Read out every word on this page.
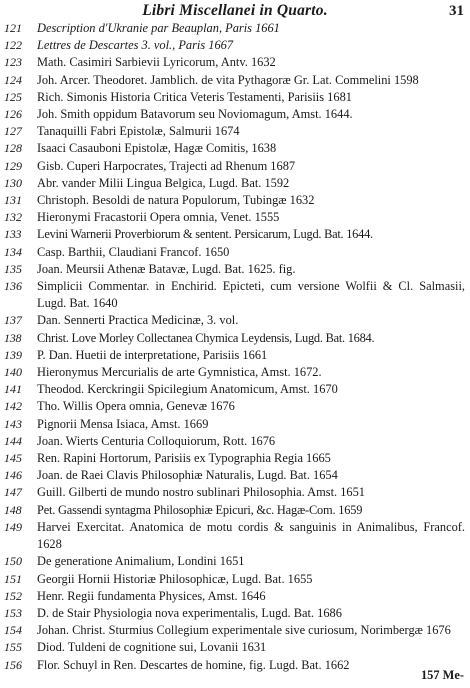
Libri Miscellanei in Quarto.	31
121	Description d'Ukranie par Beauplan, Paris 1661
122	Lettres de Descartes 3. vol., Paris 1667
123	Math. Casimiri Sarbievii Lyricorum, Antv. 1632
124	Joh. Arcer. Theodoret. Jamblich. de vita Pythagoræ Gr. Lat. Commelini 1598
125	Rich. Simonis Historia Critica Veteris Testamenti, Parisiis 1681
126	Joh. Smith oppidum Batavorum seu Noviomagum, Amst. 1644.
127	Tanaquilli Fabri Epistolæ, Salmurii 1674
128	Isaaci Casauboni Epistolæ, Hagæ Comitis, 1638
129	Gisb. Cuperi Harpocrates, Trajecti ad Rhenum 1687
130	Abr. vander Milii Lingua Belgica, Lugd. Bat. 1592
131	Christoph. Besoldi de natura Populorum, Tubingæ 1632
132	Hieronymi Fracastorii Opera omnia, Venet. 1555
133	Levini Warnerii Proverbiorum & sentent. Persicarum, Lugd. Bat. 1644.
134	Casp. Barthii, Claudiani Francof. 1650
135	Joan. Meursii Athenæ Batavæ, Lugd. Bat. 1625. fig.
136	Simplicii Commentar. in Enchirid. Epicteti, cum versione Wolfii & Cl. Salmasii, Lugd. Bat. 1640
137	Dan. Sennerti Practica Medicinæ, 3. vol.
138	Christ. Love Morley Collectanea Chymica Leydensis, Lugd. Bat. 1684.
139	P. Dan. Huetii de interpretatione, Parisiis 1661
140	Hieronymus Mercurialis de arte Gymnistica, Amst. 1672.
141	Theodod. Kerckringii Spicilegium Anatomicum, Amst. 1670
142	Tho. Willis Opera omnia, Genevæ 1676
143	Pignorii Mensa Isiaca, Amst. 1669
144	Joan. Wierts Centuria Colloquiorum, Rott. 1676
145	Ren. Rapini Hortorum, Parisiis ex Typographia Regia 1665
146	Joan. de Raei Clavis Philosophiæ Naturalis, Lugd. Bat. 1654
147	Guill. Gilberti de mundo nostro sublinari Philosophia. Amst. 1651
148	Pet. Gassendi syntagma Philosophiæ Epicuri, &c. Hagæ-Com. 1659
149	Harvei Exercitat. Anatomica de motu cordis & sanguinis in Animalibus, Francof. 1628
150	De generatione Animalium, Londini 1651
151	Georgii Hornii Historiæ Philosophicæ, Lugd. Bat. 1655
152	Henr. Regii fundamenta Physices, Amst. 1646
153	D. de Stair Physiologia nova experimentalis, Lugd. Bat. 1686
154	Johan. Christ. Sturmius Collegium experimentale sive curiosum, Norimbergæ 1676
155	Diod. Tuldeni de cognitione sui, Lovanii 1631
156	Flor. Schuyl in Ren. Descartes de homine, fig. Lugd. Bat. 1662
157 Me-
